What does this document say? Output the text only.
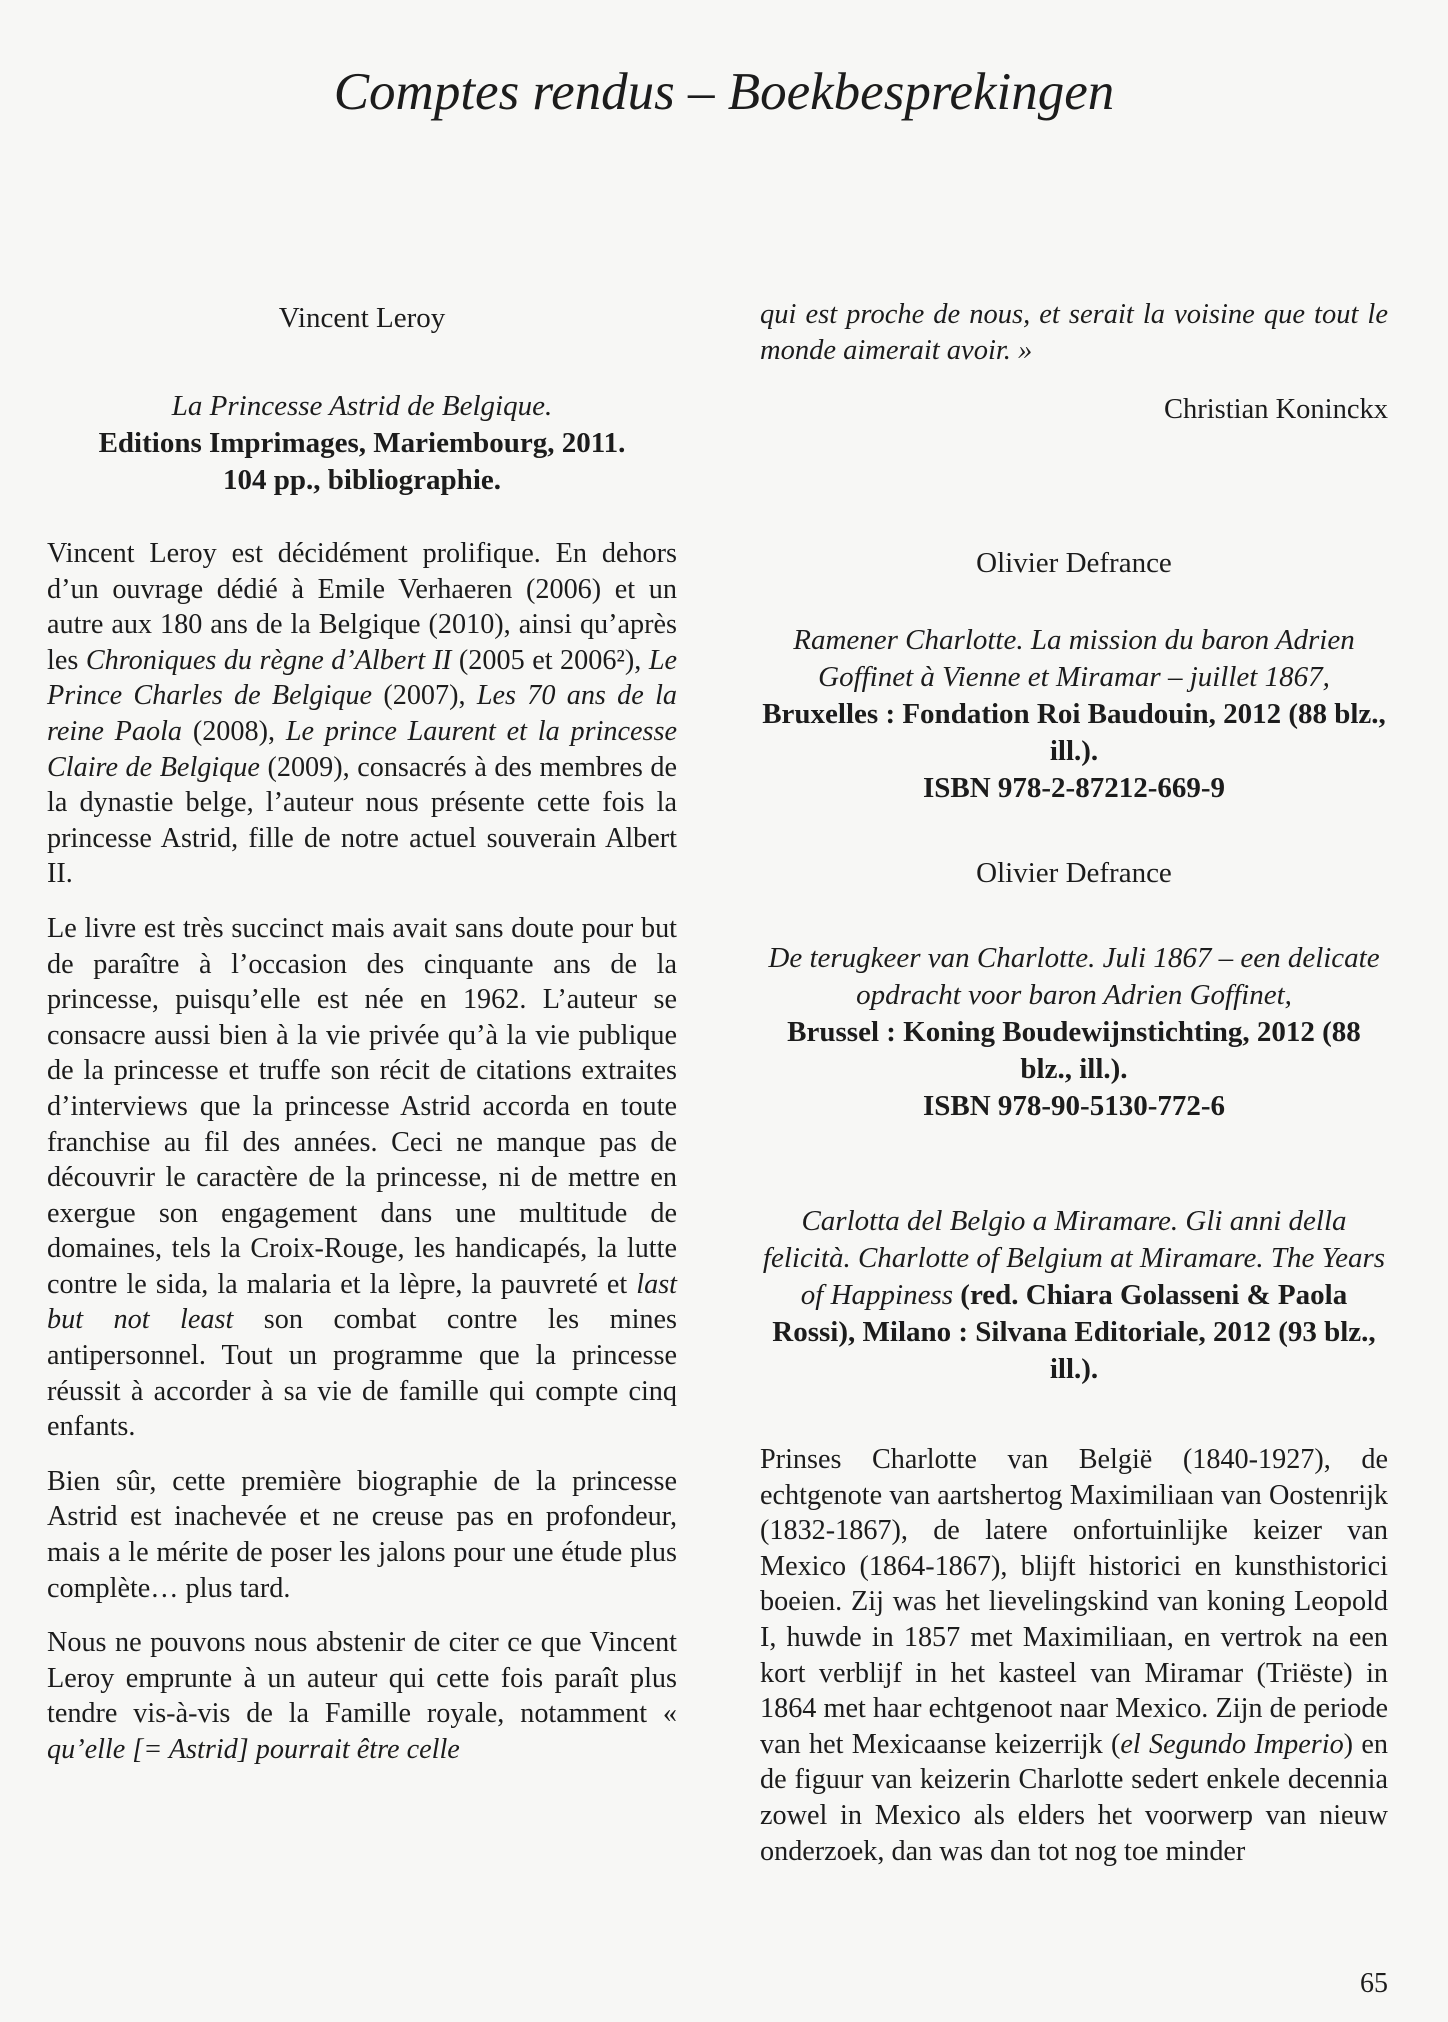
Comptes rendus – Boekbesprekingen

Vincent Leroy

La Princesse Astrid de Belgique.

Editions Imprimages, Mariembourg, 2011.

104 pp., bibliographie.

Vincent Leroy est décidément prolifique. En dehors d’un ouvrage dédié à Emile Verhaeren (2006) et un autre aux 180 ans de la Belgique (2010), ainsi qu’après les Chroniques du règne d’Albert II (2005 et 2006²), Le Prince Charles de Belgique (2007), Les 70 ans de la reine Paola (2008), Le prince Laurent et la princesse Claire de Belgique (2009), consacrés à des membres de la dynastie belge, l’auteur nous présente cette fois la princesse Astrid, fille de notre actuel souverain Albert II.

Le livre est très succinct mais avait sans doute pour but de paraître à l’occasion des cinquante ans de la princesse, puisqu’elle est née en 1962. L’auteur se consacre aussi bien à la vie privée qu’à la vie publique de la princesse et truffe son récit de citations extraites d’interviews que la princesse Astrid accorda en toute franchise au fil des années. Ceci ne manque pas de découvrir le caractère de la princesse, ni de mettre en exergue son engagement dans une multitude de domaines, tels la Croix-Rouge, les handicapés, la lutte contre le sida, la malaria et la lèpre, la pauvreté et last but not least son combat contre les mines antipersonnel. Tout un programme que la princesse réussit à accorder à sa vie de famille qui compte cinq enfants.

Bien sûr, cette première biographie de la princesse Astrid est inachevée et ne creuse pas en profondeur, mais a le mérite de poser les jalons pour une étude plus complète… plus tard.

Nous ne pouvons nous abstenir de citer ce que Vincent Leroy emprunte à un auteur qui cette fois paraît plus tendre vis-à-vis de la Famille royale, notamment « qu’elle [= Astrid] pourrait être celle

qui est proche de nous, et serait la voisine que tout le monde aimerait avoir. »

Christian Koninckx

Olivier Defrance

Ramener Charlotte. La mission du baron Adrien Goffinet à Vienne et Miramar – juillet 1867, Bruxelles : Fondation Roi Baudouin, 2012 (88 blz., ill.).

ISBN 978-2-87212-669-9

Olivier Defrance

De terugkeer van Charlotte. Juli 1867 – een delicate opdracht voor baron Adrien Goffinet,
Brussel : Koning Boudewijnstichting, 2012 (88 blz., ill.).

ISBN 978-90-5130-772-6

Carlotta del Belgio a Miramare. Gli anni della felicità. Charlotte of Belgium at Miramare. The Years of Happiness (red. Chiara Golasseni & Paola Rossi), Milano : Silvana Editoriale, 2012 (93 blz., ill.).

Prinses Charlotte van België (1840-1927), de echtgenote van aartshertog Maximiliaan van Oostenrijk (1832-1867), de latere onfortuinlijke keizer van Mexico (1864-1867), blijft historici en kunsthistorici boeien. Zij was het lievelingskind van koning Leopold I, huwde in 1857 met Maximiliaan, en vertrok na een kort verblijf in het kasteel van Miramar (Triëste) in 1864 met haar echtgenoot naar Mexico. Zijn de periode van het Mexicaanse keizerrijk (el Segundo Imperio) en de figuur van keizerin Charlotte sedert enkele decennia zowel in Mexico als elders het voorwerp van nieuw onderzoek, dan was dan tot nog toe minder

65
